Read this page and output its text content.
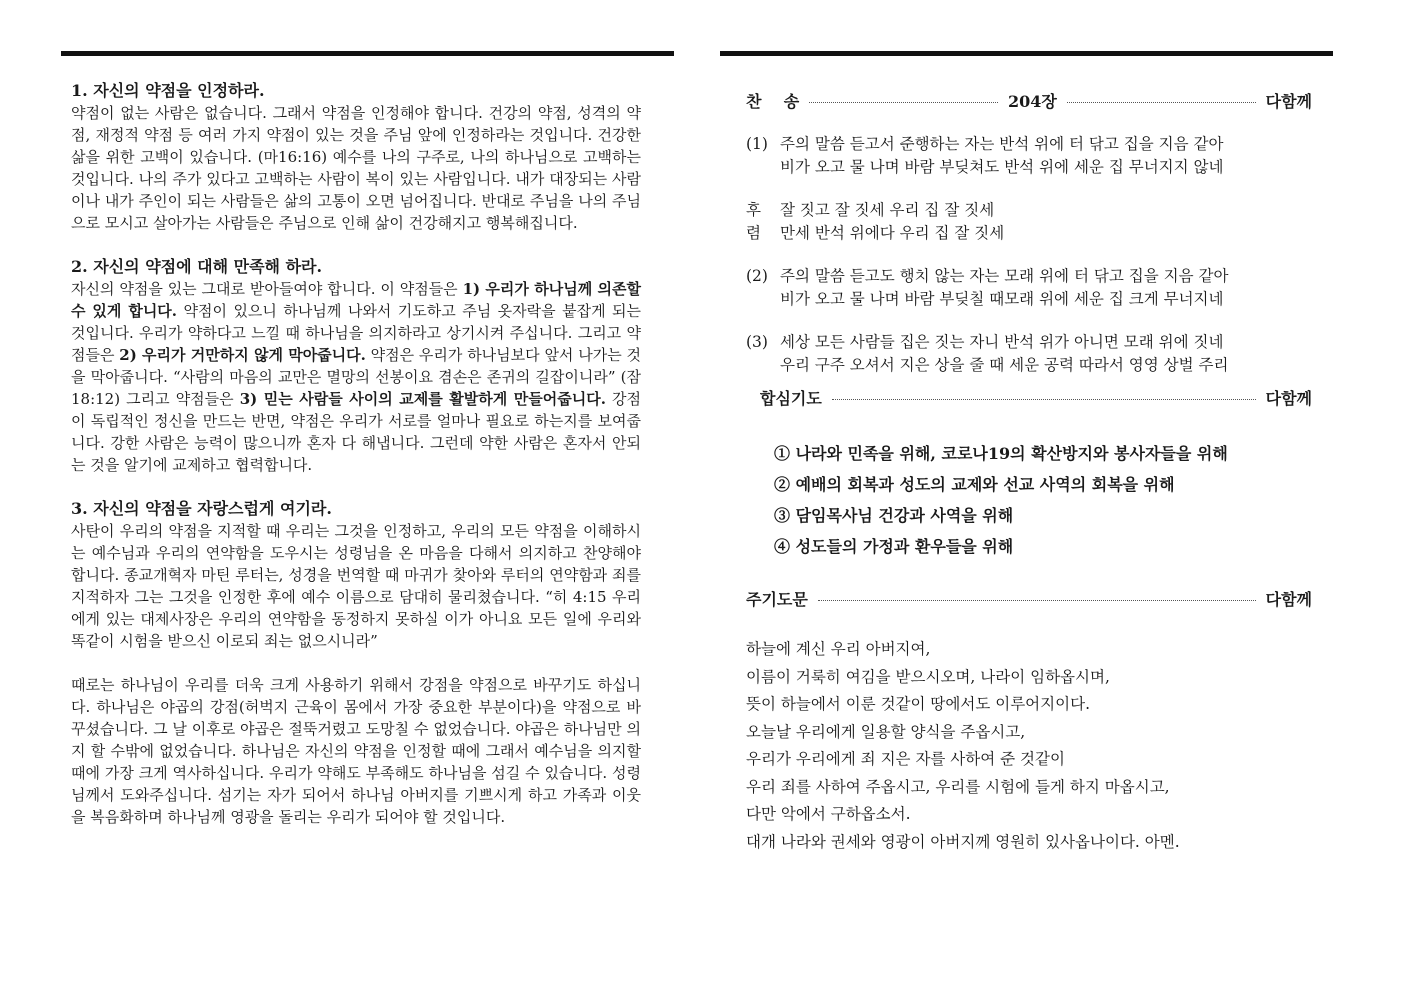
1. 자신의 약점을 인정하라.

약점이 없는 사람은 없습니다. 그래서 약점을 인정해야 합니다. 건강의 약점, 성격의 약점, 재정적 약점 등 여러 가지 약점이 있는 것을 주님 앞에 인정하라는 것입니다. 건강한 삶을 위한 고백이 있습니다. (마16:16) 예수를 나의 구주로, 나의 하나님으로 고백하는 것입니다. 나의 주가 있다고 고백하는 사람이 복이 있는 사람입니다. 내가 대장되는 사람이나 내가 주인이 되는 사람들은 삶의 고통이 오면 넘어집니다. 반대로 주님을 나의 주님으로 모시고 살아가는 사람들은 주님으로 인해 삶이 건강해지고 행복해집니다.

2. 자신의 약점에 대해 만족해 하라.

자신의 약점을 있는 그대로 받아들여야 합니다. 이 약점들은 1) 우리가 하나님께 의존할 수 있게 합니다. 약점이 있으니 하나님께 나와서 기도하고 주님 옷자락을 붙잡게 되는 것입니다. 우리가 약하다고 느낄 때 하나님을 의지하라고 상기시켜 주십니다. 그리고 약점들은 2) 우리가 거만하지 않게 막아줍니다. 약점은 우리가 하나님보다 앞서 나가는 것을 막아줍니다. “사람의 마음의 교만은 멸망의 선봉이요 겸손은 존귀의 길잡이니라” (잠18:12) 그리고 약점들은 3) 믿는 사람들 사이의 교제를 활발하게 만들어줍니다. 강점이 독립적인 정신을 만드는 반면, 약점은 우리가 서로를 얼마나 필요로 하는지를 보여줍니다. 강한 사람은 능력이 많으니까 혼자 다 해냅니다. 그런데 약한 사람은 혼자서 안되는 것을 알기에 교제하고 협력합니다.

3. 자신의 약점을 자랑스럽게 여기라.

사탄이 우리의 약점을 지적할 때 우리는 그것을 인정하고, 우리의 모든 약점을 이해하시는 예수님과 우리의 연약함을 도우시는 성령님을 온 마음을 다해서 의지하고 찬양해야 합니다. 종교개혁자 마틴 루터는, 성경을 번역할 때 마귀가 찾아와 루터의 연약함과 죄를 지적하자 그는 그것을 인정한 후에 예수 이름으로 담대히 물리쳤습니다. “히 4:15 우리에게 있는 대제사장은 우리의 연약함을 동정하지 못하실 이가 아니요 모든 일에 우리와 똑같이 시험을 받으신 이로되 죄는 없으시니라”

때로는 하나님이 우리를 더욱 크게 사용하기 위해서 강점을 약점으로 바꾸기도 하십니다. 하나님은 야곱의 강점(허벅지 근육이 몸에서 가장 중요한 부분이다)을 약점으로 바꾸셨습니다. 그 날 이후로 야곱은 절뚝거렸고 도망칠 수 없었습니다. 야곱은 하나님만 의지 할 수밖에 없었습니다. 하나님은 자신의 약점을 인정할 때에 그래서 예수님을 의지할 때에 가장 크게 역사하십니다. 우리가 약해도 부족해도 하나님을 섬길 수 있습니다. 성령님께서 도와주십니다. 섬기는 자가 되어서 하나님 아버지를 기쁘시게 하고 가족과 이웃을 복음화하며 하나님께 영광을 돌리는 우리가 되어야 할 것입니다.

찬    송	204장	다함께
(1) 주의 말씀 듣고서 준행하는 자는 반석 위에 터 닦고 집을 지음 같아
비가 오고 물 나며 바람 부딪쳐도 반석 위에 세운 집 무너지지 않네
후	잘 짓고 잘 짓세 우리 집 잘 짓세
렴	만세 반석 위에다 우리 집 잘 짓세
(2) 주의 말씀 듣고도 행치 않는 자는 모래 위에 터 닦고 집을 지음 같아
비가 오고 물 나며 바람 부딪칠 때모래 위에 세운 집 크게 무너지네
(3) 세상 모든 사람들 집은 짓는 자니 반석 위가 아니면 모래 위에 짓네
우리 구주 오셔서 지은 상을 줄 때 세운 공력 따라서 영영 상벌 주리
합심기도	다함께
① 나라와 민족을 위해, 코로나19의 확산방지와 봉사자들을 위해
② 예배의 회복과 성도의 교제와 선교 사역의 회복을 위해
③ 담임목사님 건강과 사역을 위해
④ 성도들의 가정과 환우들을 위해
주기도문	다함께
하늘에 계신 우리 아버지여,
이름이 거룩히 여김을 받으시오며, 나라이 임하옵시며,
뜻이 하늘에서 이룬 것같이 땅에서도 이루어지이다.
오늘날 우리에게 일용할 양식을 주옵시고,
우리가 우리에게 죄 지은 자를 사하여 준 것같이
우리 죄를 사하여 주옵시고, 우리를 시험에 들게 하지 마옵시고,
다만 악에서 구하옵소서.
대개 나라와 권세와 영광이 아버지께 영원히 있사옵나이다. 아멘.
